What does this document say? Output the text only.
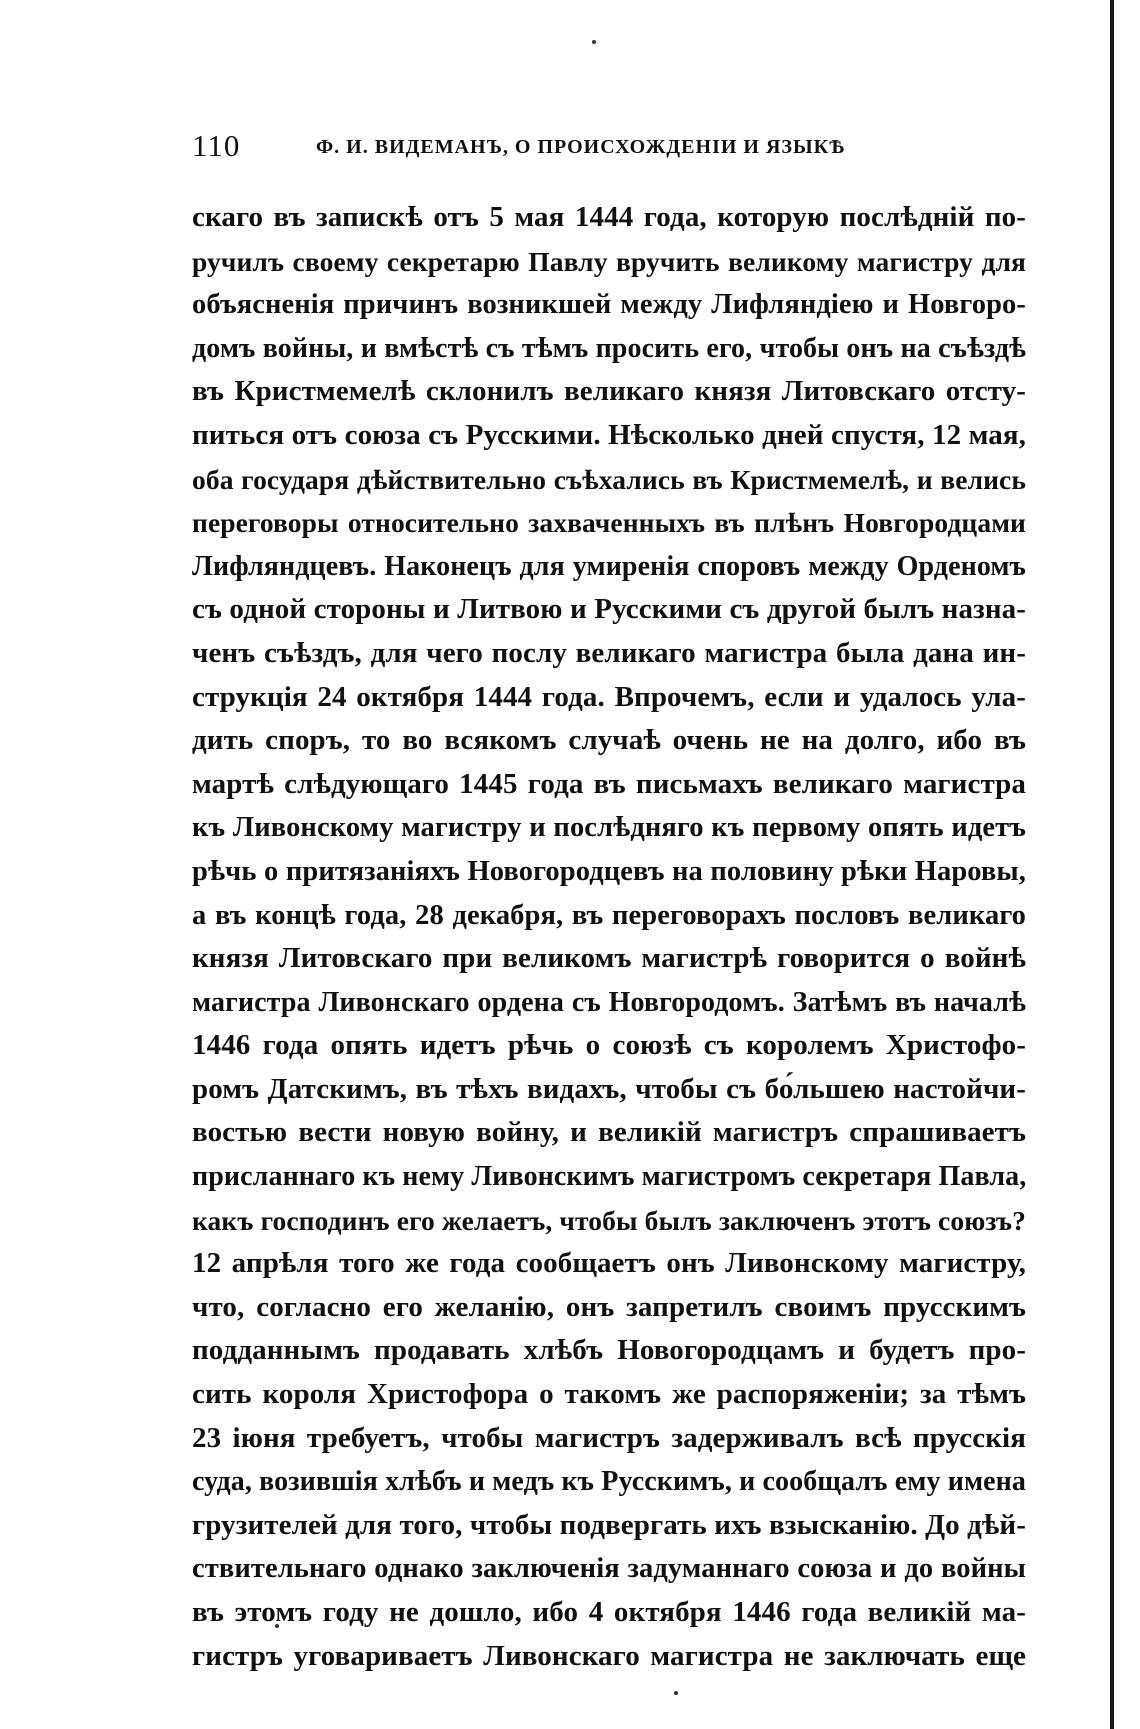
110	Ф. И. ВИДЕМАНЪ, О ПРОИСХОЖДЕНІИ И ЯЗЫКѢ
скаго въ запискѣ отъ 5 мая 1444 года, которую послѣдній по-
ручилъ своему секретарю Павлу вручить великому магистру для
объясненія причинъ возникшей между Лифляндіею и Новгоро-
домъ войны, и вмѣстѣ съ тѣмъ просить его, чтобы онъ на съѣздѣ
въ Кристмемелѣ склонилъ великаго князя Литовскаго отсту-
питься отъ союза съ Русскими. Нѣсколько дней спустя, 12 мая,
оба государя дѣйствительно съѣхались въ Кристмемелѣ, и велись
переговоры относительно захваченныхъ въ плѣнъ Новгородцами
Лифляндцевъ. Наконецъ для умиренія споровъ между Орденомъ
съ одной стороны и Литвою и Русскими съ другой былъ назна-
ченъ съѣздъ, для чего послу великаго магистра была дана ин-
струкція 24 октября 1444 года. Впрочемъ, если и удалось ула-
дить споръ, то во всякомъ случаѣ очень не на долго, ибо въ
мартѣ слѣдующаго 1445 года въ письмахъ великаго магистра
къ Ливонскому магистру и послѣдняго къ первому опять идетъ
рѣчь о притязаніяхъ Новогородцевъ на половину рѣки Наровы,
а въ концѣ года, 28 декабря, въ переговорахъ пословъ великаго
князя Литовскаго при великомъ магистрѣ говорится о войнѣ
магистра Ливонскаго ордена съ Новгородомъ. Затѣмъ въ началѣ
1446 года опять идетъ рѣчь о союзѣ съ королемъ Христофо-
ромъ Датскимъ, въ тѣхъ видахъ, чтобы съ бо́льшею настойчи-
востью вести новую войну, и великій магистръ спрашиваетъ
присланнаго къ нему Ливонскимъ магистромъ секретаря Павла,
какъ господинъ его желаетъ, чтобы былъ заключенъ этотъ союзъ?
12 апрѣля того же года сообщаетъ онъ Ливонскому магистру,
что, согласно его желанію, онъ запретилъ своимъ прусскимъ
подданнымъ продавать хлѣбъ Новогородцамъ и будетъ про-
сить короля Христофора о такомъ же распоряженіи; за тѣмъ
23 іюня требуетъ, чтобы магистръ задерживалъ всѣ прусскія
суда, возившія хлѣбъ и медъ къ Русскимъ, и сообщалъ ему имена
грузителей для того, чтобы подвергать ихъ взысканію. До дѣй-
ствительнаго однако заключенія задуманнаго союза и до войны
въ этомъ году не дошло, ибо 4 октября 1446 года великій ма-
гистръ уговариваетъ Ливонскаго магистра не заключать еще
